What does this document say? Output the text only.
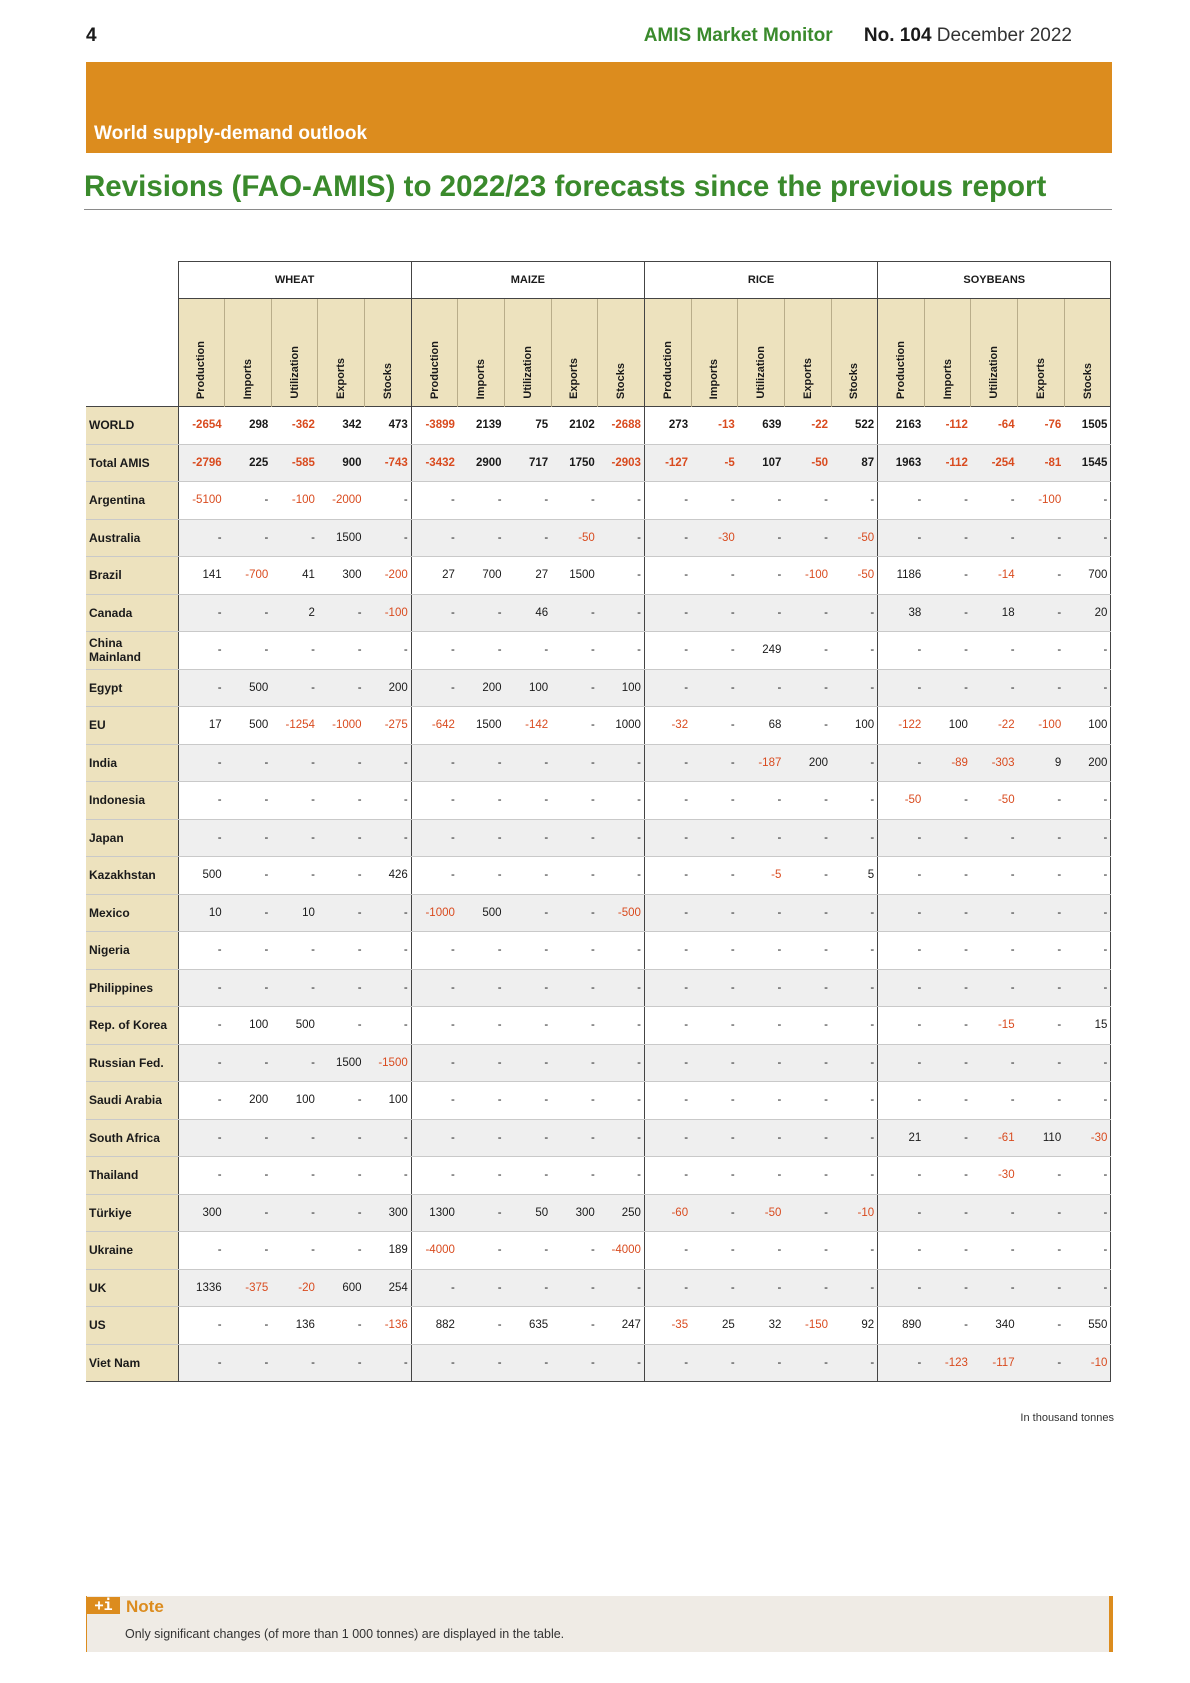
4	AMIS Market Monitor No. 104 December 2022
World supply-demand outlook
Revisions (FAO-AMIS) to 2022/23 forecasts since the previous report
	WHEAT					MAIZE					RICE					SOYBEANS				
	Production	Imports	Utilization	Exports	Stocks	Production	Imports	Utilization	Exports	Stocks	Production	Imports	Utilization	Exports	Stocks	Production	Imports	Utilization	Exports	Stocks
WORLD	-2654	298	-362	342	473	-3899	2139	75	2102	-2688	273	-13	639	-22	522	2163	-112	-64	-76	1505
Total AMIS	-2796	225	-585	900	-743	-3432	2900	717	1750	-2903	-127	-5	107	-50	87	1963	-112	-254	-81	1545
Argentina	-5100	-	-100	-2000	-	-	-	-	-	-	-	-	-	-	-	-	-	-	-100	-
Australia	-	-	-	1500	-	-	-	-	-50	-	-	-30	-	-	-50	-	-	-	-	-
Brazil	141	-700	41	300	-200	27	700	27	1500	-	-	-	-	-100	-50	1186	-	-14	-	700
Canada	-	-	2	-	-100	-	-	46	-	-	-	-	-	-	-	38	-	18	-	20
China Mainland	-	-	-	-	-	-	-	-	-	-	-	-	249	-	-	-	-	-	-	-
Egypt	-	500	-	-	200	-	200	100	-	100	-	-	-	-	-	-	-	-	-	-
EU	17	500	-1254	-1000	-275	-642	1500	-142	-	1000	-32	-	68	-	100	-122	100	-22	-100	100
India	-	-	-	-	-	-	-	-	-	-	-	-	-187	200	-	-	-89	-303	9	200
Indonesia	-	-	-	-	-	-	-	-	-	-	-	-	-	-	-	-50	-	-50	-	-
Japan	-	-	-	-	-	-	-	-	-	-	-	-	-	-	-	-	-	-	-	-
Kazakhstan	500	-	-	-	426	-	-	-	-	-	-	-	-5	-	5	-	-	-	-	-
Mexico	10	-	10	-	-	-1000	500	-	-	-500	-	-	-	-	-	-	-	-	-	-
Nigeria	-	-	-	-	-	-	-	-	-	-	-	-	-	-	-	-	-	-	-	-
Philippines	-	-	-	-	-	-	-	-	-	-	-	-	-	-	-	-	-	-	-	-
Rep. of Korea	-	100	500	-	-	-	-	-	-	-	-	-	-	-	-	-	-	-15	-	15
Russian Fed.	-	-	-	1500	-1500	-	-	-	-	-	-	-	-	-	-	-	-	-	-	-
Saudi Arabia	-	200	100	-	100	-	-	-	-	-	-	-	-	-	-	-	-	-	-	-
South Africa	-	-	-	-	-	-	-	-	-	-	-	-	-	-	-	21	-	-61	110	-30
Thailand	-	-	-	-	-	-	-	-	-	-	-	-	-	-	-	-	-	-30	-	-
Türkiye	300	-	-	-	300	1300	-	50	300	250	-60	-	-50	-	-10	-	-	-	-	-
Ukraine	-	-	-	-	189	-4000	-	-	-	-4000	-	-	-	-	-	-	-	-	-	-
UK	1336	-375	-20	600	254	-	-	-	-	-	-	-	-	-	-	-	-	-	-	-
US	-	-	136	-	-136	882	-	635	-	247	-35	25	32	-150	92	890	-	340	-	550
Viet Nam	-	-	-	-	-	-	-	-	-	-	-	-	-	-	-	-	-123	-117	-	-10
In thousand tonnes
+i Note
Only significant changes (of more than 1 000 tonnes) are displayed in the table.
